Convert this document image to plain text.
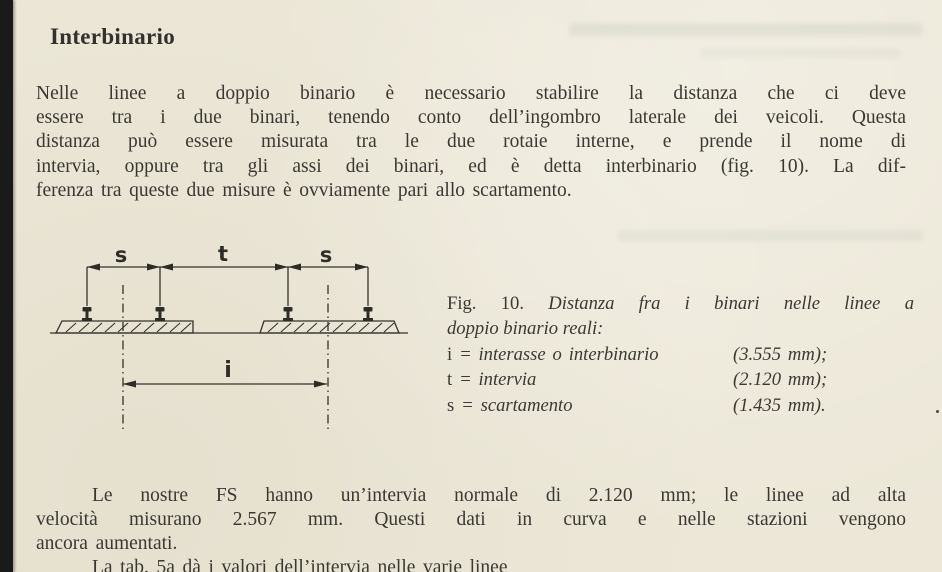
Interbinario
Nelle linee a doppio binario è necessario stabilire la distanza che ci deve
essere tra i due binari, tenendo conto dell’ingombro laterale dei veicoli. Questa
distanza può essere misurata tra le due rotaie interne, e prende il nome di
intervia, oppure tra gli assi dei binari, ed è detta interbinario (fig. 10). La dif-
ferenza tra queste due misure è ovviamente pari allo scartamento.
s	t	s
i
Fig. 10. Distanza fra i binari nelle linee a
doppio binario reali:
i = interasse o interbinario	(3.555 mm);
t = intervia	(2.120 mm);
s = scartamento	(1.435 mm).
Le nostre FS hanno un’intervia normale di 2.120 mm; le linee ad alta
velocità misurano 2.567 mm. Questi dati in curva e nelle stazioni vengono
ancora aumentati.
La tab. 5a dà i valori dell’intervia nelle varie linee
